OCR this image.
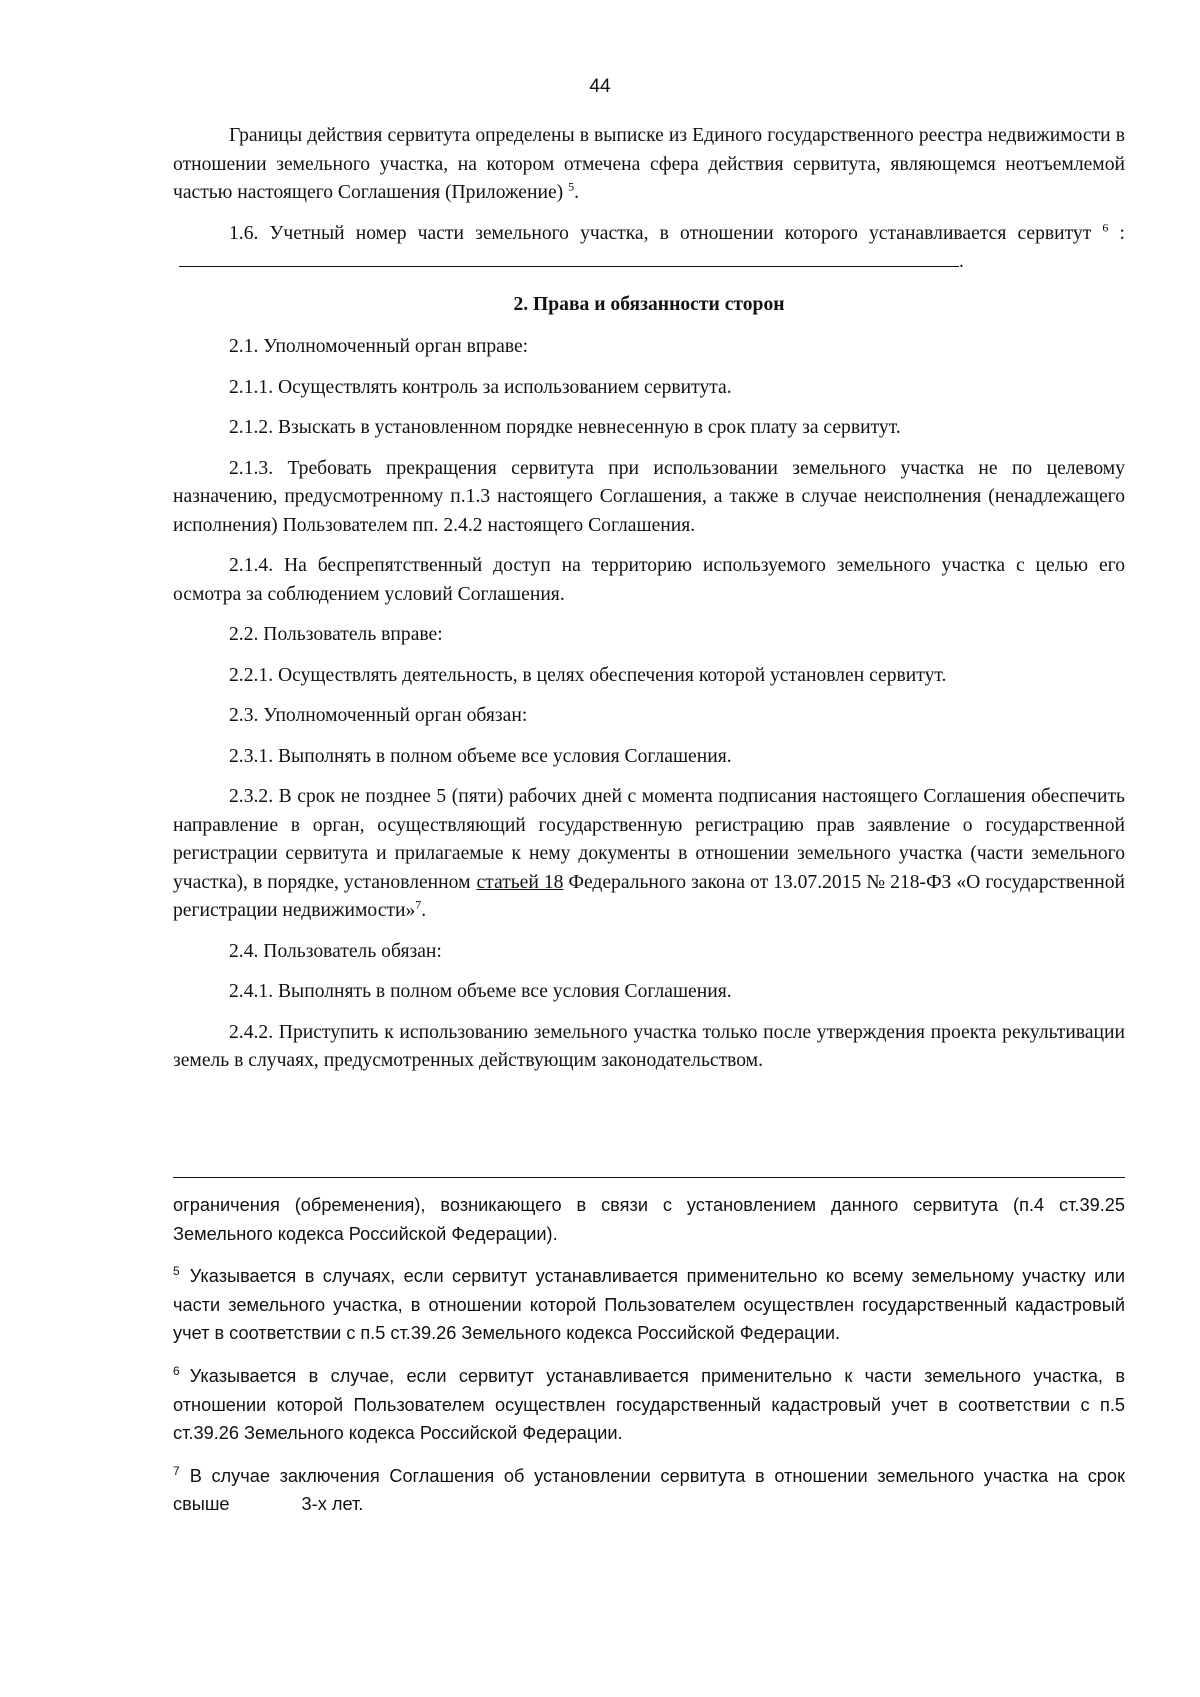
44

Границы действия сервитута определены в выписке из Единого государственного реестра недвижимости в отношении земельного участка, на котором отмечена сфера действия сервитута, являющемся неотъемлемой частью настоящего Соглашения (Приложение) $^5$.

1.6. Учетный номер части земельного участка, в отношении которого устанавливается сервитут $^6$ :.

2. Права и обязанности сторон

2.1. Уполномоченный орган вправе:

2.1.1. Осуществлять контроль за использованием сервитута.

2.1.2. Взыскать в установленном порядке невнесенную в срок плату за сервитут.

2.1.3. Требовать прекращения сервитута при использовании земельного участка не по целевому назначению, предусмотренному п.1.3 настоящего Соглашения, а также в случае неисполнения (ненадлежащего исполнения) Пользователем пп. 2.4.2 настоящего Соглашения.

2.1.4. На беспрепятственный доступ на территорию используемого земельного участка с целью его осмотра за соблюдением условий Соглашения.

2.2. Пользователь вправе:

2.2.1. Осуществлять деятельность, в целях обеспечения которой установлен сервитут.

2.3. Уполномоченный орган обязан:

2.3.1. Выполнять в полном объеме все условия Соглашения.

2.3.2. В срок не позднее 5 (пяти) рабочих дней с момента подписания настоящего Соглашения обеспечить направление в орган, осуществляющий государственную регистрацию прав заявление о государственной регистрации сервитута и прилагаемые к нему документы в отношении земельного участка (части земельного участка), в порядке, установленном статьей 18 Федерального закона от 13.07.2015 № 218-ФЗ «О государственной регистрации недвижимости»$^7$.

2.4. Пользователь обязан:

2.4.1. Выполнять в полном объеме все условия Соглашения.

2.4.2. Приступить к использованию земельного участка только после утверждения проекта рекультивации земель в случаях, предусмотренных действующим законодательством.

ограничения (обременения), возникающего в связи с установлением данного сервитута (п.4 ст.39.25 Земельного кодекса Российской Федерации).

$^5$ Указывается в случаях, если сервитут устанавливается применительно ко всему земельному участку или части земельного участка, в отношении которой Пользователем осуществлен государственный кадастровый учет в соответствии с п.5 ст.39.26 Земельного кодекса Российской Федерации.

$^6$ Указывается в случае, если сервитут устанавливается применительно к части земельного участка, в отношении которой Пользователем осуществлен государственный кадастровый учет в соответствии с п.5 ст.39.26 Земельного кодекса Российской Федерации.

$^7$ В случае заключения Соглашения об установлении сервитута в отношении земельного участка на срок свыше	3-х лет.
